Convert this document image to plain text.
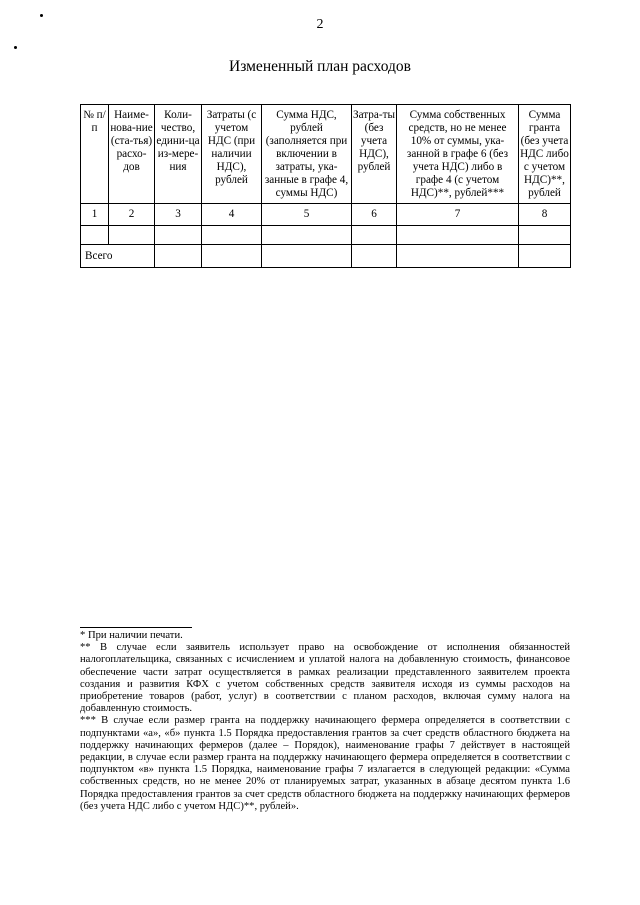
2
Измененный план расходов
№ п/п	Наиме-нова-ние (ста-тья) расхо-дов	Коли-чество, едини-ца из-мере-ния	Затраты (с учетом НДС (при наличии НДС), рублей	Сумма НДС, рублей (заполняется при включении в затраты, ука-занные в графе 4, суммы НДС)	Затра-ты (без учета НДС), рублей	Сумма собственных средств, но не менее 10% от суммы, ука-занной в графе 6 (без учета НДС) либо в графе 4 (с учетом НДС)**, рублей***	Сумма гранта (без учета НДС либо с учетом НДС)**, рублей
1	2	3	4	5	6	7	8

Всего							

* При наличии печати.

** В случае если заявитель использует право на освобождение от исполнения обязанностей налогоплательщика, связанных с исчислением и уплатой налога на добавленную стоимость, финансовое обеспечение части затрат осуществляется в рамках реализации представленного заявителем проекта создания и развития КФХ с учетом собственных средств заявителя исходя из суммы расходов на приобретение товаров (работ, услуг) в соответствии с планом расходов, включая сумму налога на добавленную стоимость.

*** В случае если размер гранта на поддержку начинающего фермера определяется в соответствии с подпунктами «а», «б» пункта 1.5 Порядка предоставления грантов за счет средств областного бюджета на поддержку начинающих фермеров (далее – Порядок), наименование графы 7 действует в настоящей редакции, в случае если размер гранта на поддержку начинающего фермера определяется в соответствии с подпунктом «в» пункта 1.5 Порядка, наименование графы 7 излагается в следующей редакции: «Сумма собственных средств, но не менее 20% от планируемых затрат, указанных в абзаце десятом пункта 1.6 Порядка предоставления грантов за счет средств областного бюджета на поддержку начинающих фермеров (без учета НДС либо с учетом НДС)**, рублей».
